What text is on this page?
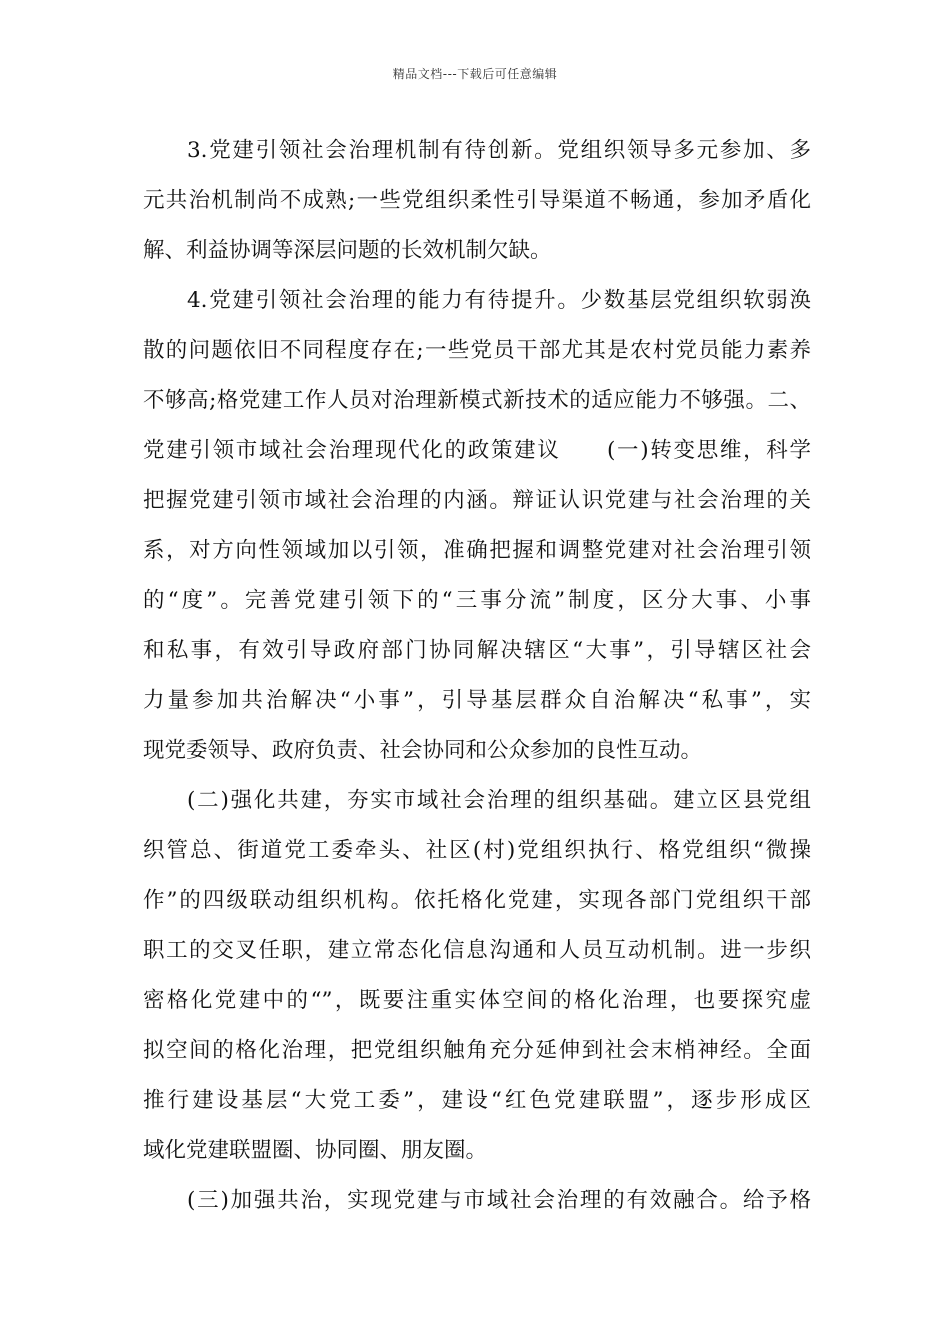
精品文档---下载后可任意编辑
3.党建引领社会治理机制有待创新。党组织领导多元参加、多
元共治机制尚不成熟;一些党组织柔性引导渠道不畅通，参加矛盾化
解、利益协调等深层问题的长效机制欠缺。
4.党建引领社会治理的能力有待提升。少数基层党组织软弱涣
散的问题依旧不同程度存在;一些党员干部尤其是农村党员能力素养
不够高;格党建工作人员对治理新模式新技术的适应能力不够强。二、
党建引领市域社会治理现代化的政策建议　　(一)转变思维，科学
把握党建引领市域社会治理的内涵。辩证认识党建与社会治理的关
系，对方向性领域加以引领，准确把握和调整党建对社会治理引领
的“度”。完善党建引领下的“三事分流”制度，区分大事、小事
和私事，有效引导政府部门协同解决辖区“大事”，引导辖区社会
力量参加共治解决“小事”，引导基层群众自治解决“私事”，实
现党委领导、政府负责、社会协同和公众参加的良性互动。
(二)强化共建，夯实市域社会治理的组织基础。建立区县党组
织管总、街道党工委牵头、社区(村)党组织执行、格党组织“微操
作”的四级联动组织机构。依托格化党建，实现各部门党组织干部
职工的交叉任职，建立常态化信息沟通和人员互动机制。进一步织
密格化党建中的“”，既要注重实体空间的格化治理，也要探究虚
拟空间的格化治理，把党组织触角充分延伸到社会末梢神经。全面
推行建设基层“大党工委”，建设“红色党建联盟”，逐步形成区
域化党建联盟圈、协同圈、朋友圈。
(三)加强共治，实现党建与市域社会治理的有效融合。给予格
